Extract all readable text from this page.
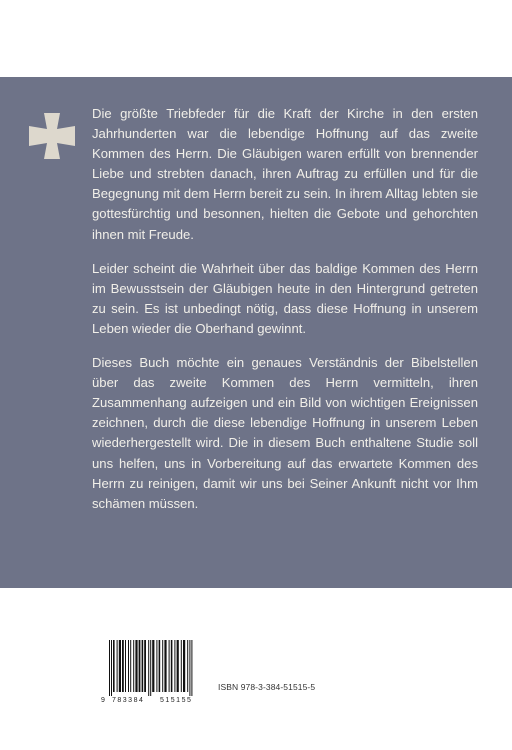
Die größte Triebfeder für die Kraft der Kirche in den ersten Jahrhunderten war die lebendige Hoffnung auf das zweite Kommen des Herrn. Die Gläubigen waren erfüllt von brennender Liebe und strebten danach, ihren Auftrag zu erfüllen und für die Begegnung mit dem Herrn bereit zu sein. In ihrem Alltag lebten sie gottesfürchtig und besonnen, hielten die Gebote und gehorchten ihnen mit Freude.

Leider scheint die Wahrheit über das baldige Kommen des Herrn im Bewusstsein der Gläubigen heute in den Hintergrund getreten zu sein. Es ist unbedingt nötig, dass diese Hoffnung in unserem Leben wieder die Oberhand gewinnt.

Dieses Buch möchte ein genaues Verständnis der Bibelstellen über das zweite Kommen des Herrn vermitteln, ihren Zusammenhang aufzeigen und ein Bild von wichtigen Ereignissen zeichnen, durch die diese lebendige Hoffnung in unserem Leben wiederhergestellt wird. Die in diesem Buch enthaltene Studie soll uns helfen, uns in Vorbereitung auf das erwartete Kommen des Herrn zu reinigen, damit wir uns bei Seiner Ankunft nicht vor Ihm schämen müssen.

9 783384 515155
ISBN 978-3-384-51515-5
